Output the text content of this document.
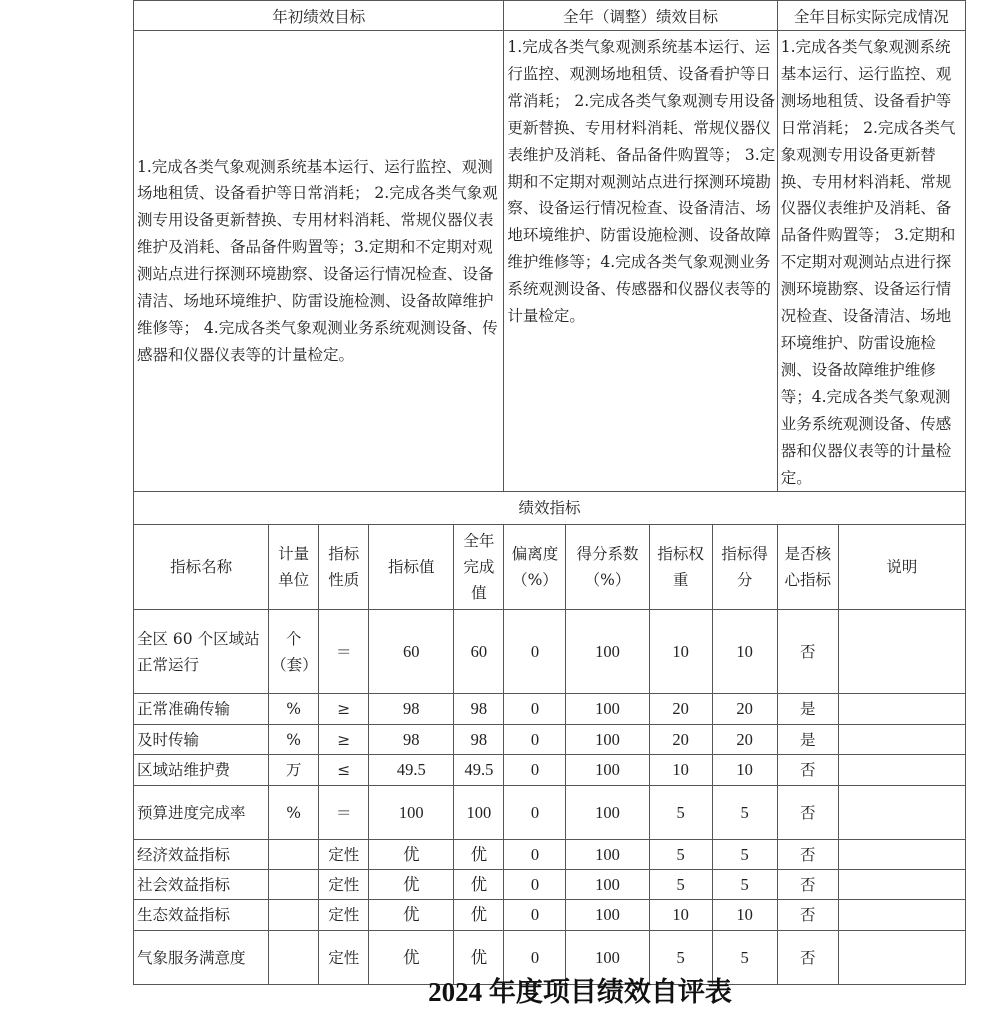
年初绩效目标					全年（调整）绩效目标				全年目标实际完成情况	
1.完成各类气象观测系统基本运行、运行监控、观测场地租赁、设备看护等日常消耗； 2.完成各类气象观测专用设备更新替换、专用材料消耗、常规仪器仪表维护及消耗、备品备件购置等；3.定期和不定期对观测站点进行探测环境勘察、设备运行情况检查、设备清洁、场地环境维护、防雷设施检测、设备故障维护维修等； 4.完成各类气象观测业务系统观测设备、传感器和仪器仪表等的计量检定。					1.完成各类气象观测系统基本运行、运行监控、观测场地租赁、设备看护等日常消耗； 2.完成各类气象观测专用设备更新替换、专用材料消耗、常规仪器仪表维护及消耗、备品备件购置等； 3.定期和不定期对观测站点进行探测环境勘察、设备运行情况检查、设备清洁、场地环境维护、防雷设施检测、设备故障维护维修等；4.完成各类气象观测业务系统观测设备、传感器和仪器仪表等的计量检定。				1.完成各类气象观测系统基本运行、运行监控、观测场地租赁、设备看护等日常消耗； 2.完成各类气象观测专用设备更新替换、专用材料消耗、常规仪器仪表维护及消耗、备品备件购置等； 3.定期和不定期对观测站点进行探测环境勘察、设备运行情况检查、设备清洁、场地环境维护、防雷设施检测、设备故障维护维修等；4.完成各类气象观测业务系统观测设备、传感器和仪器仪表等的计量检定。	
绩效指标										
指标名称	计量单位	指标性质	指标值	全年完成值	偏离度（%）	得分系数（%）	指标权重	指标得分	是否核心指标	说明
全区 60 个区域站正常运行	个（套）	＝	60	60	0	100	10	10	否	
正常准确传输	%	≥	98	98	0	100	20	20	是	
及时传输	%	≥	98	98	0	100	20	20	是	
区域站维护费	万	≤	49.5	49.5	0	100	10	10	否	
预算进度完成率	%	＝	100	100	0	100	5	5	否	
经济效益指标		定性	优	优	0	100	5	5	否	
社会效益指标		定性	优	优	0	100	5	5	否	
生态效益指标		定性	优	优	0	100	10	10	否	
气象服务满意度		定性	优	优	0	100	5	5	否	
2024 年度项目绩效自评表
